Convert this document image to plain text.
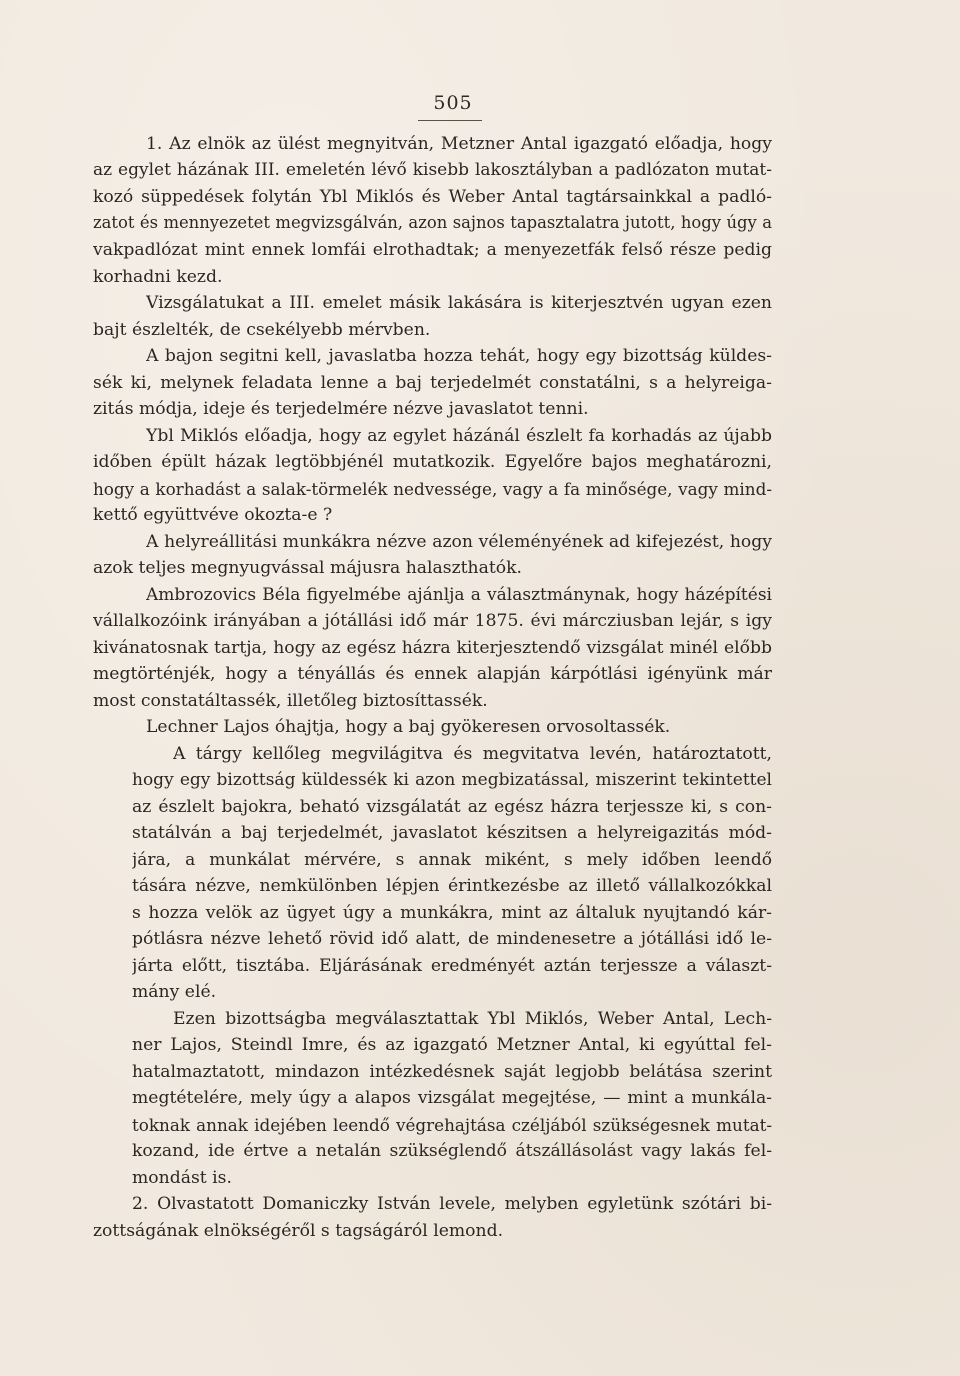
505
1. Az elnök az ülést megnyitván, Metzner Antal igazgató előadja, hogy
az egylet házának III. emeletén lévő kisebb lakosztályban a padlózaton mutat-
kozó süppedések folytán Ybl Miklós és Weber Antal tagtársainkkal a padló-
zatot és mennyezetet megvizsgálván, azon sajnos tapasztalatra jutott, hogy úgy a
vakpadlózat mint ennek lomfái elrothadtak; a menyezetfák felső része pedig
korhadni kezd.
Vizsgálatukat a III. emelet másik lakására is kiterjesztvén ugyan ezen
bajt észlelték, de csekélyebb mérvben.
A bajon segitni kell, javaslatba hozza tehát, hogy egy bizottság küldes-
sék ki, melynek feladata lenne a baj terjedelmét constatálni, s a helyreiga-
zitás módja, ideje és terjedelmére nézve javaslatot tenni.
Ybl Miklós előadja, hogy az egylet házánál észlelt fa korhadás az újabb
időben épült házak legtöbbjénél mutatkozik. Egyelőre bajos meghatározni,
hogy a korhadást a salak-törmelék nedvessége, vagy a fa minősége, vagy mind-
kettő együttvéve okozta-e ?
A helyreállitási munkákra nézve azon véleményének ad kifejezést, hogy
azok teljes megnyugvással májusra halaszthatók.
Ambrozovics Béla figyelmébe ajánlja a választmánynak, hogy házépítési
vállalkozóink irányában a jótállási idő már 1875. évi márcziusban lejár, s igy
kivánatosnak tartja, hogy az egész házra kiterjesztendő vizsgálat minél előbb
megtörténjék, hogy a tényállás és ennek alapján kárpótlási igényünk már
most constatáltassék, illetőleg biztosíttassék.
Lechner Lajos óhajtja, hogy a baj gyökeresen orvosoltassék.
A tárgy kellőleg megvilágitva és megvitatva levén, határoztatott,
hogy egy bizottság küldessék ki azon megbizatással, miszerint tekintettel
az észlelt bajokra, beható vizsgálatát az egész házra terjessze ki, s con-
statálván a baj terjedelmét, javaslatot készitsen a helyreigazitás mód-
jára, a munkálat mérvére, s annak miként, s mely időben leendő
tására nézve, nemkülönben lépjen érintkezésbe az illető vállalkozókkal
s hozza velök az ügyet úgy a munkákra, mint az általuk nyujtandó kár-
pótlásra nézve lehető rövid idő alatt, de mindenesetre a jótállási idő le-
járta előtt, tisztába. Eljárásának eredményét aztán terjessze a választ-
mány elé.
Ezen bizottságba megválasztattak Ybl Miklós, Weber Antal, Lech-
ner Lajos, Steindl Imre, és az igazgató Metzner Antal, ki egyúttal fel-
hatalmaztatott, mindazon intézkedésnek saját legjobb belátása szerint
megtételére, mely úgy a alapos vizsgálat megejtése, — mint a munkála-
toknak annak idejében leendő végrehajtása czéljából szükségesnek mutat-
kozand, ide értve a netalán szükséglendő átszállásolást vagy lakás fel-
mondást is.
2. Olvastatott Domaniczky István levele, melyben egyletünk szótári bi-
zottságának elnökségéről s tagságáról lemond.
